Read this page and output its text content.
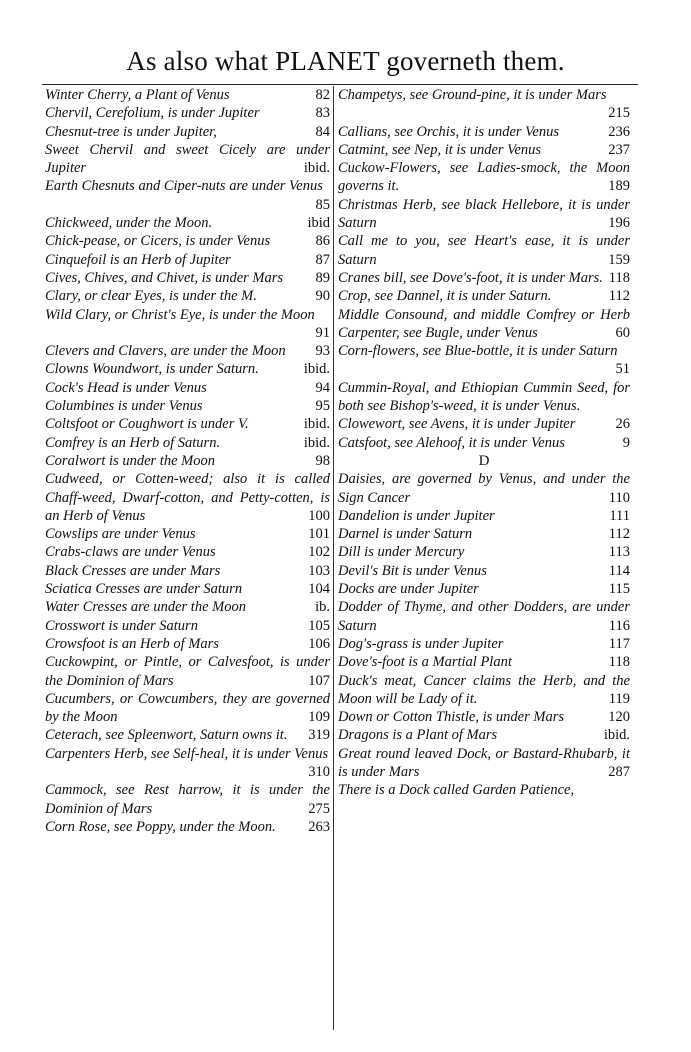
As also what PLANET governeth them.
Winter Cherry, a Plant of Venus	82
Chervil, Cerefolium, is under Jupiter	83
Chesnut-tree is under Jupiter,	84
Sweet Chervil and sweet Cicely are under Jupiter	ibid.
Earth Chesnuts and Ciper-nuts are under Venus
85
Chickweed, under the Moon.	ibid
Chick-pease, or Cicers, is under Venus	86
Cinquefoil is an Herb of Jupiter	87
Cives, Chives, and Chivet, is under Mars 89
Clary, or clear Eyes, is under the M.	90
Wild Clary, or Christ's Eye, is under the Moon
91
Clevers and Clavers, are under the Moon 93
Clowns Woundwort, is under Saturn.	ibid.
Cock's Head is under Venus	94
Columbines is under Venus	95
Coltsfoot or Coughwort is under V.	ibid.
Comfrey is an Herb of Saturn.	ibid.
Coralwort is under the Moon	98
Cudweed, or Cotten-weed; also it is called Chaff-weed, Dwarf-cotton, and Petty-cotten, is an Herb of Venus	100
Cowslips are under Venus	101
Crabs-claws are under Venus	102
Black Cresses are under Mars	103
Sciatica Cresses are under Saturn	104
Water Cresses are under the Moon	ib.
Crosswort is under Saturn	105
Crowsfoot is an Herb of Mars	106
Cuckowpint, or Pintle, or Calvesfoot, is under the Dominion of Mars	107
Cucumbers, or Cowcumbers, they are governed by the Moon	109
Ceterach, see Spleenwort, Saturn owns it. 319
Carpenters Herb, see Self-heal, it is under Venus
310
Cammock, see Rest harrow, it is under the Dominion of Mars	275
Corn Rose, see Poppy, under the Moon. 263
Champetys, see Ground-pine, it is under Mars
215
Callians, see Orchis, it is under Venus	236
Catmint, see Nep, it is under Venus	237
Cuckow-Flowers, see Ladies-smock, the Moon governs it.	189
Christmas Herb, see black Hellebore, it is under Saturn	196
Call me to you, see Heart's ease, it is under Saturn	159
Cranes bill, see Dove's-foot, it is under Mars. 118
Crop, see Dannel, it is under Saturn.	112
Middle Consound, and middle Comfrey or Herb Carpenter, see Bugle, under Venus	60
Corn-flowers, see Blue-bottle, it is under Saturn
51
Cummin-Royal, and Ethiopian Cummin Seed, for both see Bishop's-weed, it is under Venus.
Clowewort, see Avens, it is under Jupiter	26
Catsfoot, see Alehoof, it is under Venus	9
D
Daisies, are governed by Venus, and under the Sign Cancer	110
Dandelion is under Jupiter	111
Darnel is under Saturn	112
Dill is under Mercury	113
Devil's Bit is under Venus	114
Docks are under Jupiter	115
Dodder of Thyme, and other Dodders, are under Saturn	116
Dog's-grass is under Jupiter	117
Dove's-foot is a Martial Plant	118
Duck's meat, Cancer claims the Herb, and the Moon will be Lady of it.	119
Down or Cotton Thistle, is under Mars	120
Dragons is a Plant of Mars	ibid.
Great round leaved Dock, or Bastard-Rhubarb, it is under Mars	287
There is a Dock called Garden Patience,
